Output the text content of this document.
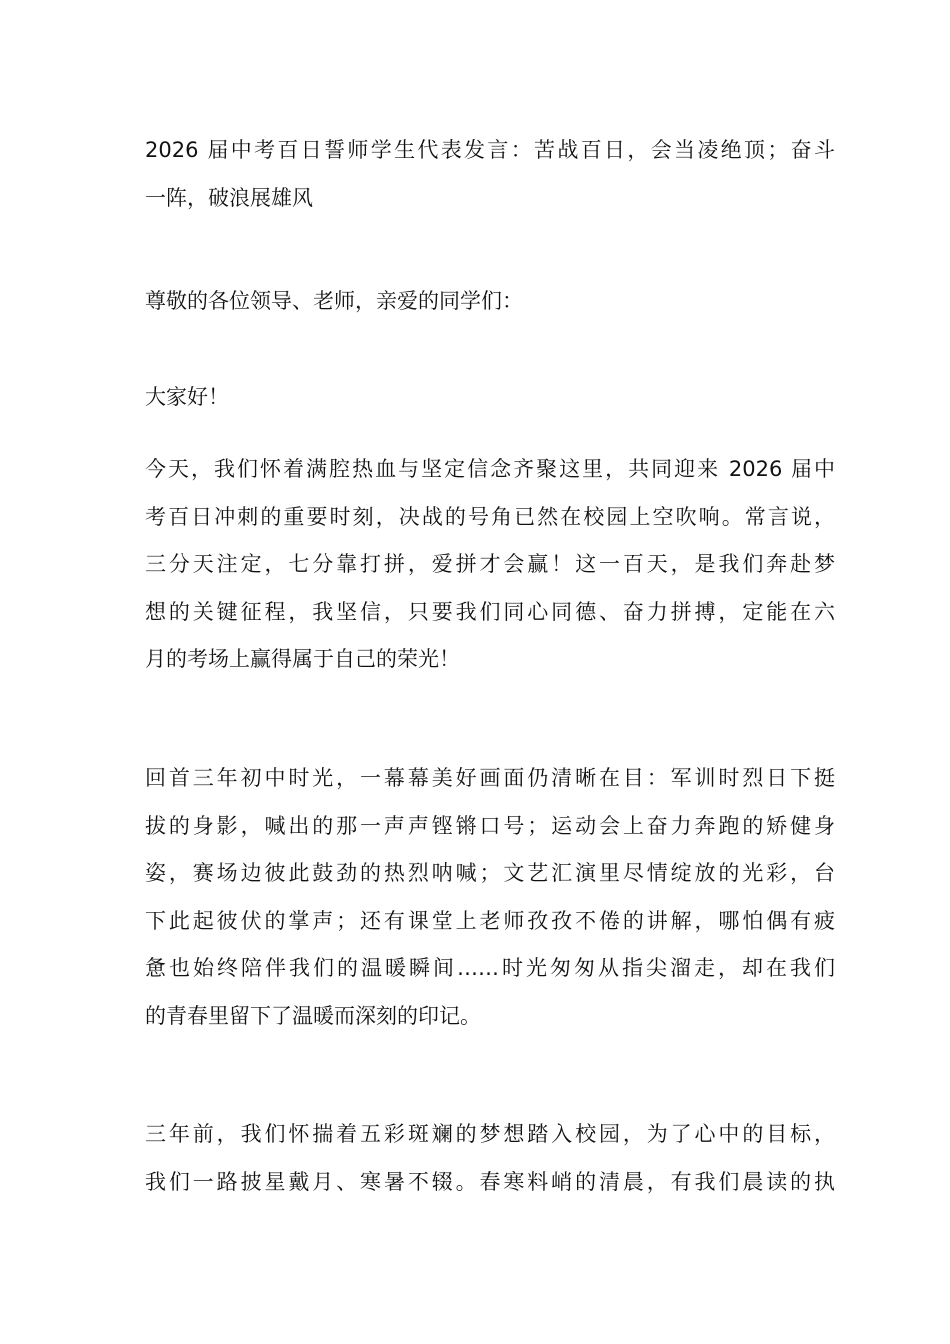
2026 届中考百日誓师学生代表发言：苦战百日，会当凌绝顶；奋斗
一阵，破浪展雄风
尊敬的各位领导、老师，亲爱的同学们：
大家好！
今天，我们怀着满腔热血与坚定信念齐聚这里，共同迎来 2026 届中
考百日冲刺的重要时刻，决战的号角已然在校园上空吹响。常言说，
三分天注定，七分靠打拼，爱拼才会赢！这一百天，是我们奔赴梦
想的关键征程，我坚信，只要我们同心同德、奋力拼搏，定能在六
月的考场上赢得属于自己的荣光！
回首三年初中时光，一幕幕美好画面仍清晰在目：军训时烈日下挺
拔的身影，喊出的那一声声铿锵口号；运动会上奋力奔跑的矫健身
姿，赛场边彼此鼓劲的热烈呐喊；文艺汇演里尽情绽放的光彩，台
下此起彼伏的掌声；还有课堂上老师孜孜不倦的讲解，哪怕偶有疲
惫也始终陪伴我们的温暖瞬间……时光匆匆从指尖溜走，却在我们
的青春里留下了温暖而深刻的印记。
三年前，我们怀揣着五彩斑斓的梦想踏入校园，为了心中的目标，
我们一路披星戴月、寒暑不辍。春寒料峭的清晨，有我们晨读的执
